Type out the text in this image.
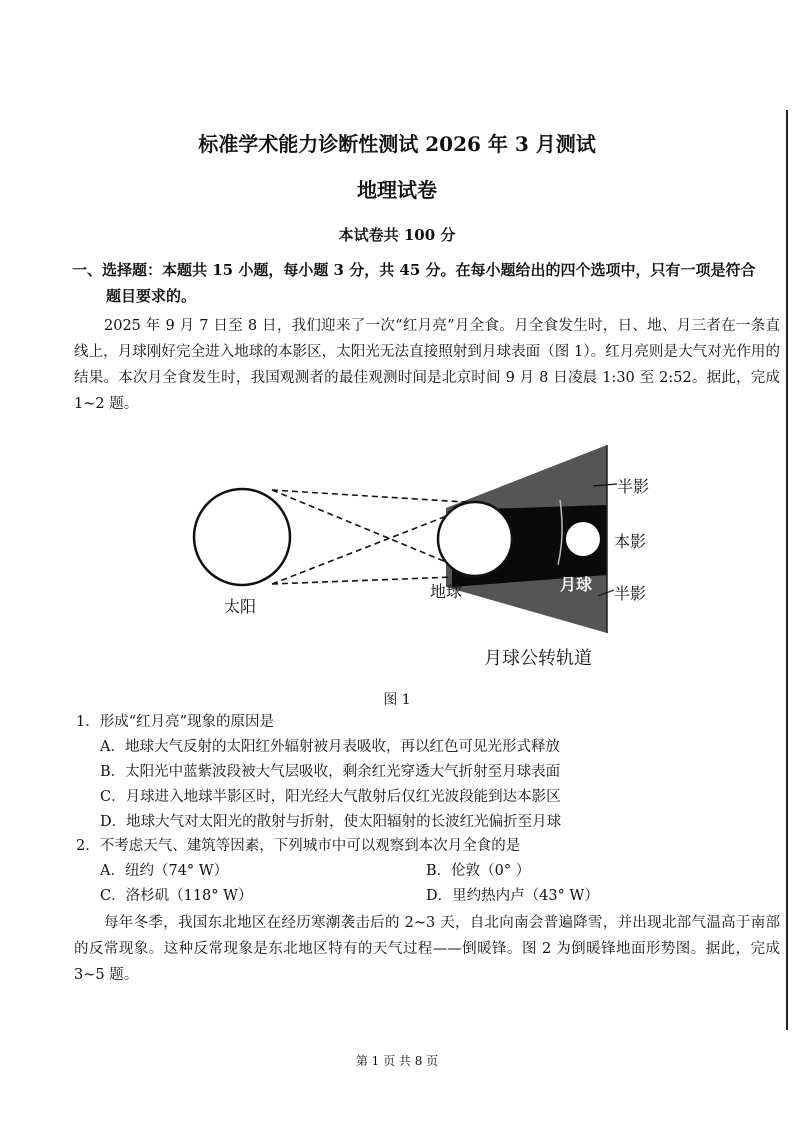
标准学术能力诊断性测试 2026 年 3 月测试
地理试卷
本试卷共 100 分
一、选择题：本题共 15 小题，每小题 3 分，共 45 分。在每小题给出的四个选项中，只有一项是符合
题目要求的。
2025 年 9 月 7 日至 8 日，我们迎来了一次“红月亮”月全食。月全食发生时，日、地、月三者在一条直线上，月球刚好完全进入地球的本影区，太阳光无法直接照射到月球表面（图 1）。红月亮则是大气对光作用的结果。本次月全食发生时，我国观测者的最佳观测时间是北京时间 9 月 8 日凌晨 1:30 至 2:52。据此，完成 1~2 题。
太阳
地球	月球
半影
本影
半影
月球公转轨道
图 1
1．形成“红月亮”现象的原因是
A．地球大气反射的太阳红外辐射被月表吸收，再以红色可见光形式释放
B．太阳光中蓝紫波段被大气层吸收，剩余红光穿透大气折射至月球表面
C．月球进入地球半影区时，阳光经大气散射后仅红光波段能到达本影区
D．地球大气对太阳光的散射与折射，使太阳辐射的长波红光偏折至月球
2．不考虑天气、建筑等因素，下列城市中可以观察到本次月全食的是
A．纽约（74° W）	B．伦敦（0° ）
C．洛杉矶（118° W）	D．里约热内卢（43° W）
每年冬季，我国东北地区在经历寒潮袭击后的 2~3 天，自北向南会普遍降雪，并出现北部气温高于南部的反常现象。这种反常现象是东北地区特有的天气过程——倒暖锋。图 2 为倒暖锋地面形势图。据此，完成 3~5 题。
第 1 页 共 8 页
